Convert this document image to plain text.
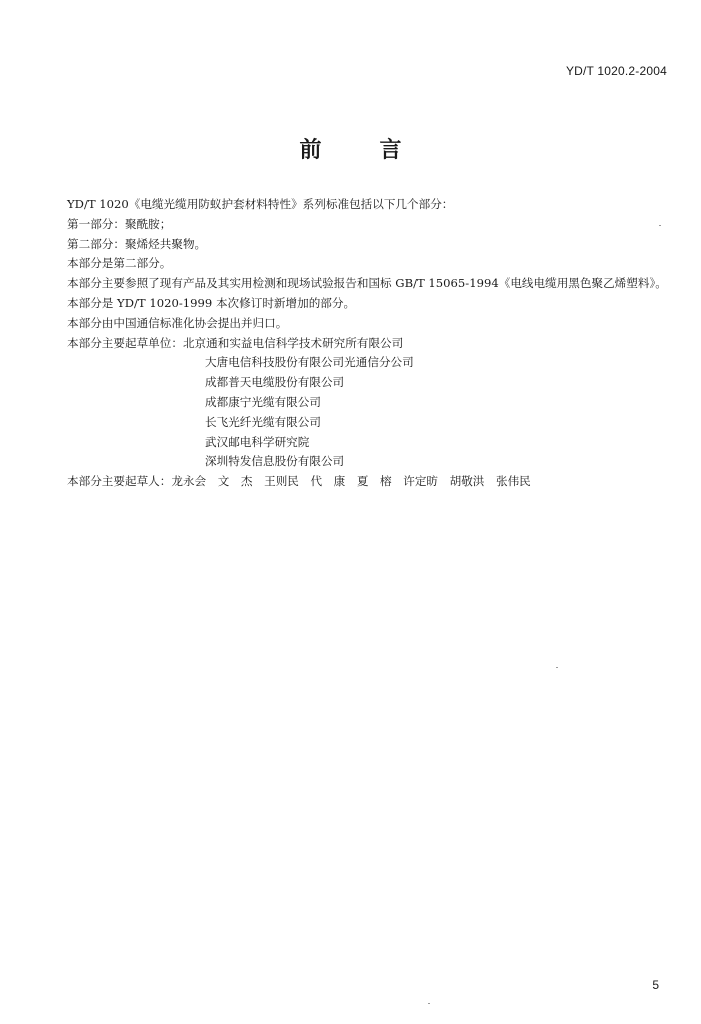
YD/T 1020.2-2004
前	言

YD/T 1020《电缆光缆用防蚁护套材料特性》系列标准包括以下几个部分：

第一部分：聚酰胺；

第二部分：聚烯烃共聚物。

本部分是第二部分。

本部分主要参照了现有产品及其实用检测和现场试验报告和国标 GB/T 15065-1994《电线电缆用黑色聚乙烯塑料》。

本部分是 YD/T 1020-1999 本次修订时新增加的部分。

本部分由中国通信标准化协会提出并归口。

本部分主要起草单位：北京通和实益电信科学技术研究所有限公司

大唐电信科技股份有限公司光通信分公司

成都普天电缆股份有限公司

成都康宁光缆有限公司

长飞光纤光缆有限公司

武汉邮电科学研究院

深圳特发信息股份有限公司

本部分主要起草人：龙永会　文　杰　王则民　代　康　夏　榕　许定昉　胡敬洪　张伟民

5
